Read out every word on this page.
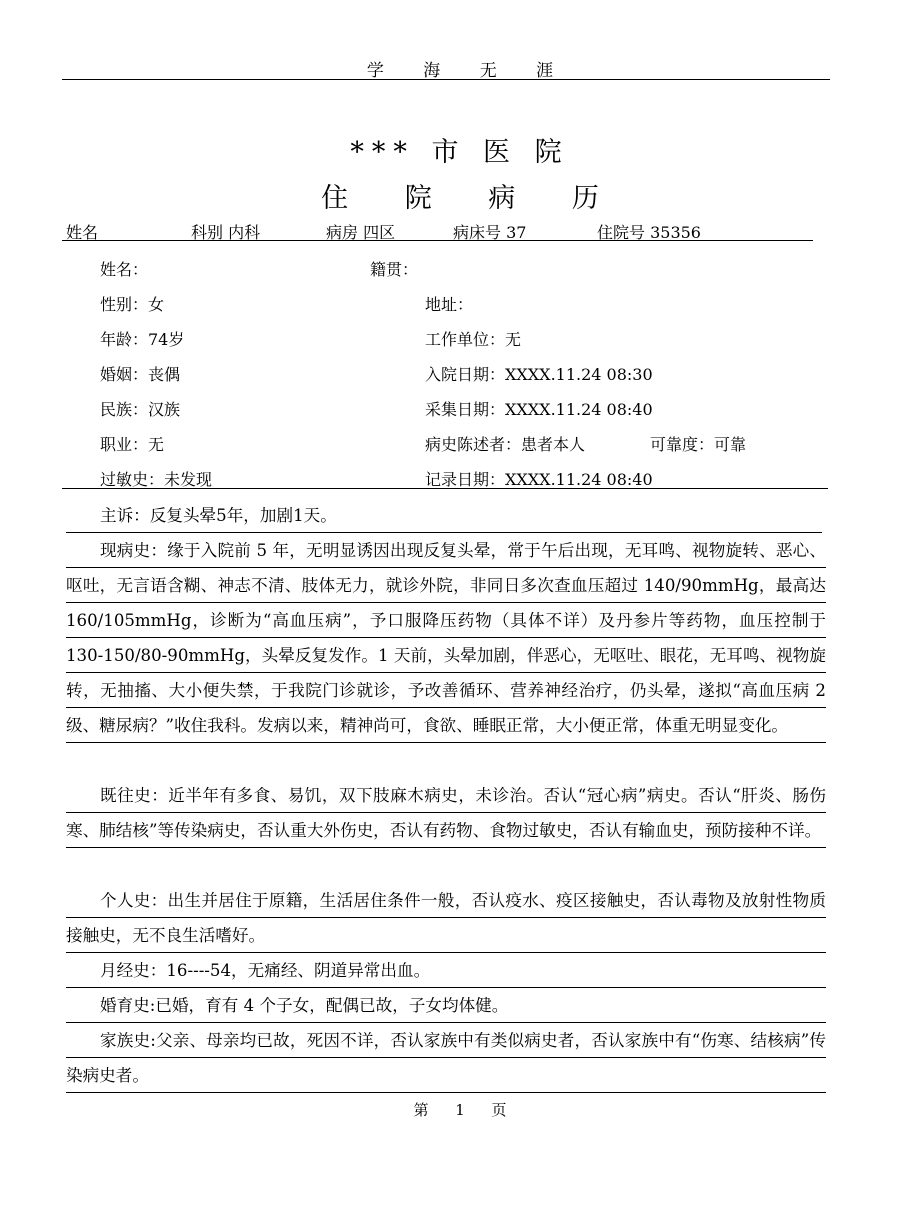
学 海 无 涯
*** 市 医 院
住 院 病 历
姓名	科别 内科	病房 四区	病床号 37	住院号 35356
姓名：	籍贯：
性别：女	地址：
年龄：74岁	工作单位：无
婚姻：丧偶	入院日期：XXXX.11.24 08:30
民族：汉族	采集日期：XXXX.11.24 08:40
职业：无	病史陈述者：患者本人	可靠度：可靠
过敏史：未发现	记录日期：XXXX.11.24 08:40

主诉：反复头晕5年，加剧1天。

现病史：缘于入院前 5 年，无明显诱因出现反复头晕，常于午后出现，无耳鸣、视物旋转、恶心、呕吐，无言语含糊、神志不清、肢体无力，就诊外院，非同日多次查血压超过 140/90mmHg，最高达 160/105mmHg，诊断为“高血压病”，予口服降压药物（具体不详）及丹参片等药物，血压控制于 130-150/80-90mmHg，头晕反复发作。1 天前，头晕加剧，伴恶心，无呕吐、眼花，无耳鸣、视物旋转，无抽搐、大小便失禁，于我院门诊就诊，予改善循环、营养神经治疗，仍头晕，遂拟“高血压病 2 级、糖尿病？”收住我科。发病以来，精神尚可，食欲、睡眠正常，大小便正常，体重无明显变化。

既往史：近半年有多食、易饥，双下肢麻木病史，未诊治。否认“冠心病”病史。否认“肝炎、肠伤寒、肺结核”等传染病史，否认重大外伤史，否认有药物、食物过敏史，否认有输血史，预防接种不详。

个人史：出生并居住于原籍，生活居住条件一般，否认疫水、疫区接触史，否认毒物及放射性物质接触史，无不良生活嗜好。

月经史：16----54，无痛经、阴道异常出血。

婚育史:已婚，育有 4 个子女，配偶已故，子女均体健。

家族史:父亲、母亲均已故，死因不详，否认家族中有类似病史者，否认家族中有“伤寒、结核病”传染病史者。

第 1 页
